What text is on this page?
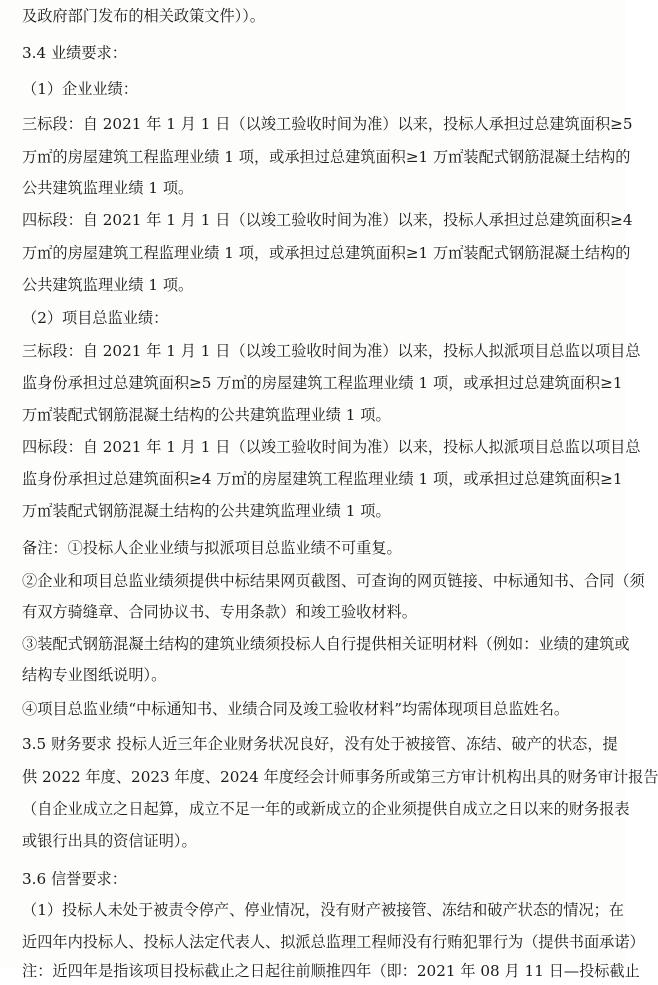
及政府部门发布的相关政策文件））。
3.4 业绩要求：
（1）企业业绩：
三标段：自 2021 年 1 月 1 日（以竣工验收时间为准）以来，投标人承担过总建筑面积≥5
万㎡的房屋建筑工程监理业绩 1 项，或承担过总建筑面积≥1 万㎡装配式钢筋混凝土结构的
公共建筑监理业绩 1 项。
四标段：自 2021 年 1 月 1 日（以竣工验收时间为准）以来，投标人承担过总建筑面积≥4
万㎡的房屋建筑工程监理业绩 1 项，或承担过总建筑面积≥1 万㎡装配式钢筋混凝土结构的
公共建筑监理业绩 1 项。
（2）项目总监业绩：
三标段：自 2021 年 1 月 1 日（以竣工验收时间为准）以来，投标人拟派项目总监以项目总
监身份承担过总建筑面积≥5 万㎡的房屋建筑工程监理业绩 1 项，或承担过总建筑面积≥1
万㎡装配式钢筋混凝土结构的公共建筑监理业绩 1 项。
四标段：自 2021 年 1 月 1 日（以竣工验收时间为准）以来，投标人拟派项目总监以项目总
监身份承担过总建筑面积≥4 万㎡的房屋建筑工程监理业绩 1 项，或承担过总建筑面积≥1
万㎡装配式钢筋混凝土结构的公共建筑监理业绩 1 项。
备注：①投标人企业业绩与拟派项目总监业绩不可重复。
②企业和项目总监业绩须提供中标结果网页截图、可查询的网页链接、中标通知书、合同（须
有双方骑缝章、合同协议书、专用条款）和竣工验收材料。
③装配式钢筋混凝土结构的建筑业绩须投标人自行提供相关证明材料（例如：业绩的建筑或
结构专业图纸说明）。
④项目总监业绩“中标通知书、业绩合同及竣工验收材料”均需体现项目总监姓名。
3.5 财务要求 投标人近三年企业财务状况良好，没有处于被接管、冻结、破产的状态，提
供 2022 年度、2023 年度、2024 年度经会计师事务所或第三方审计机构出具的财务审计报告
（自企业成立之日起算，成立不足一年的或新成立的企业须提供自成立之日以来的财务报表
或银行出具的资信证明）。
3.6 信誉要求：
（1）投标人未处于被责令停产、停业情况，没有财产被接管、冻结和破产状态的情况；在
近四年内投标人、投标人法定代表人、拟派总监理工程师没有行贿犯罪行为（提供书面承诺）
注：近四年是指该项目投标截止之日起往前顺推四年（即：2021 年 08 月 11 日—投标截止
